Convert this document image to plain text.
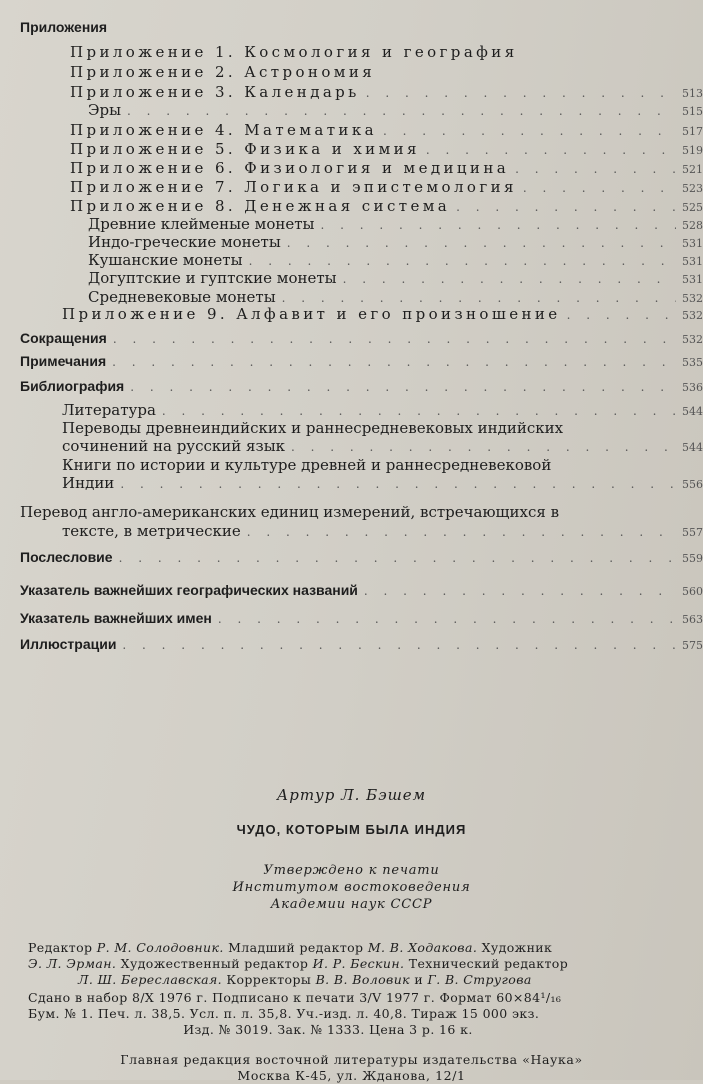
Приложения
Приложение 1. Космология и география
Приложение 2. Астрономия
Приложение 3. Календарь . . .	513
Эры . . .	515
Приложение 4. Математика . . .	517
Приложение 5. Физика и химия . . .	519
Приложение 6. Физиология и медицина . . .	521
Приложение 7. Логика и эпистемология . . .	523
Приложение 8. Денежная система . . .	525
Древние клейменые монеты . . .	528
Индо-греческие монеты . . .	531
Кушанские монеты . . .	531
Догуптские и гуптские монеты . . .	531
Средневековые монеты . . .	532
Приложение 9. Алфавит и его произношение . . .	532
Сокращения . . .	532
Примечания . . .	535
Библиография . . .	536
Литература . . .	544
Переводы древнеиндийских и раннесредневековых индийских
сочинений на русский язык . . .	544
Книги по истории и культуре древней и раннесредневековой
Индии . . .	556
Перевод англо-американских единиц измерений, встречающихся в
тексте, в метрические . . .	557
Послесловие . . .	559
Указатель важнейших географических названий . . .	560
Указатель важнейших имен . . .	563
Иллюстрации . . .	575
Артур Л. Бэшем
ЧУДО, КОТОРЫМ БЫЛА ИНДИЯ
Утверждено к печати
Институтом востоковедения
Академии наук СССР
Редактор Р. М. Солодовник. Младший редактор М. В. Ходакова. Художник
Э. Л. Эрман. Художественный редактор И. Р. Бескин. Технический редактор
Л. Ш. Береславская. Корректоры В. В. Воловик и Г. В. Стругова
Сдано в набор 8/X 1976 г. Подписано к печати 3/V 1977 г. Формат 60×84¹/₁₆
Бум. № 1. Печ. л. 38,5. Усл. п. л. 35,8. Уч.-изд. л. 40,8. Тираж 15 000 экз.
Изд. № 3019. Зак. № 1333. Цена 3 р. 16 к.
Главная редакция восточной литературы издательства «Наука»
Москва К-45, ул. Жданова, 12/1
